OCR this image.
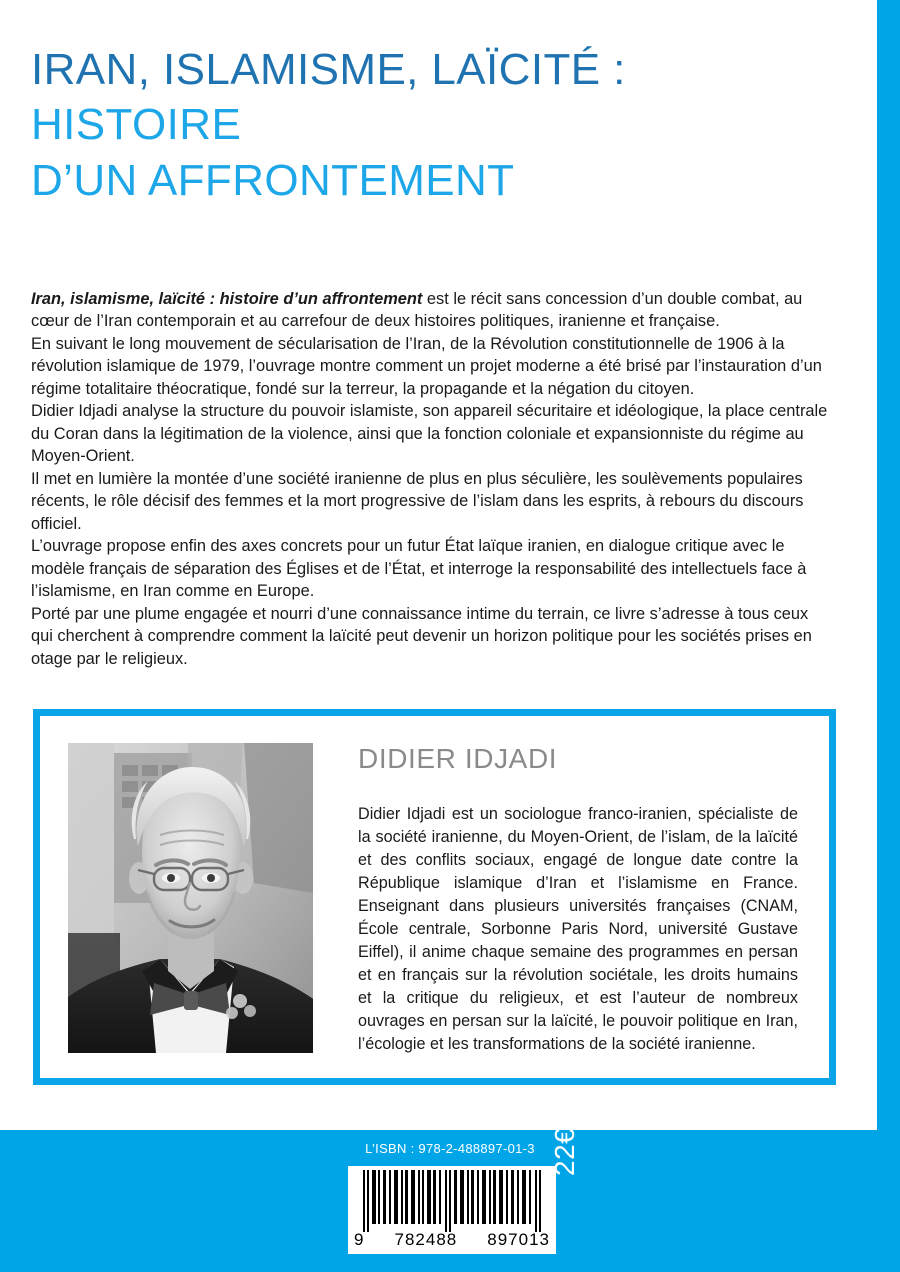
IRAN, ISLAMISME, LAÏCITÉ :
HISTOIRE
D’UN AFFRONTEMENT

Iran, islamisme, laïcité : histoire d’un affrontement est le récit sans concession d’un double combat, au cœur de l’Iran contemporain et au carrefour de deux histoires politiques, iranienne et française.

En suivant le long mouvement de sécularisation de l’Iran, de la Révolution constitutionnelle de 1906 à la révolution islamique de 1979, l’ouvrage montre comment un projet moderne a été brisé par l’instauration d’un régime totalitaire théocratique, fondé sur la terreur, la propagande et la négation du citoyen.

Didier Idjadi analyse la structure du pouvoir islamiste, son appareil sécuritaire et idéologique, la place centrale du Coran dans la légitimation de la violence, ainsi que la fonction coloniale et expansionniste du régime au Moyen-Orient.

Il met en lumière la montée d’une société iranienne de plus en plus séculière, les soulèvements populaires récents, le rôle décisif des femmes et la mort progressive de l’islam dans les esprits, à rebours du discours officiel.

L’ouvrage propose enfin des axes concrets pour un futur État laïque iranien, en dialogue critique avec le modèle français de séparation des Églises et de l’État, et interroge la responsabilité des intellectuels face à l’islamisme, en Iran comme en Europe.

Porté par une plume engagée et nourri d’une connaissance intime du terrain, ce livre s’adresse à tous ceux qui cherchent à comprendre comment la laïcité peut devenir un horizon politique pour les sociétés prises en otage par le religieux.

DIDIER IDJADI

Didier Idjadi est un sociologue franco-iranien, spécialiste de la société iranienne, du Moyen-Orient, de l’islam, de la laïcité et des conflits sociaux, engagé de longue date contre la République islamique d’Iran et l’islamisme en France. Enseignant dans plusieurs universités françaises (CNAM, École centrale, Sorbonne Paris Nord, université Gustave Eiffel), il anime chaque semaine des programmes en persan et en français sur la révolution sociétale, les droits humains et la critique du religieux, et est l’auteur de nombreux ouvrages en persan sur la laïcité, le pouvoir politique en Iran, l’écologie et les transformations de la société iranienne.

L’ISBN : 978-2-488897-01-3
9 782488 897013
22€
